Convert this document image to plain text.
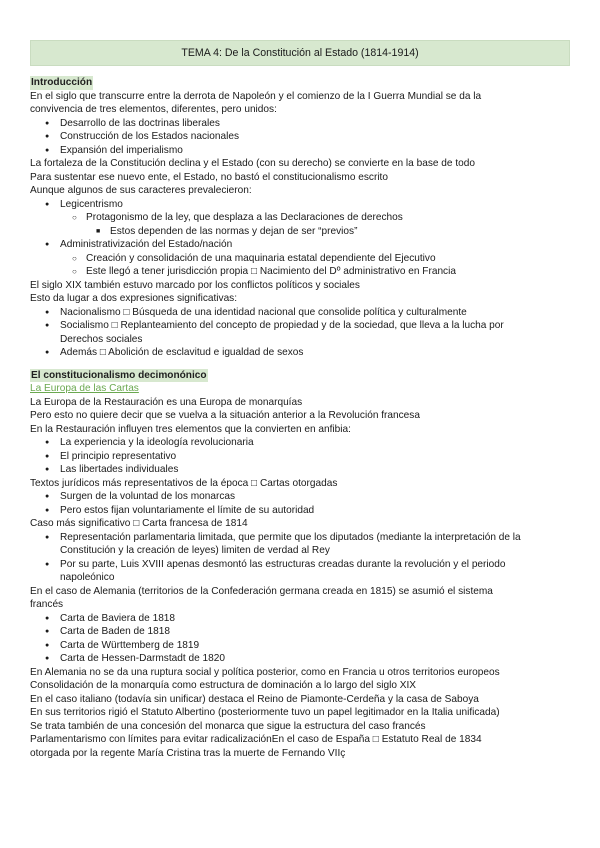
TEMA 4: De la Constitución al Estado (1814-1914)

Introducción

En el siglo que transcurre entre la derrota de Napoleón y el comienzo de la I Guerra Mundial se da la

convivencia de tres elementos, diferentes, pero unidos:

● Desarrollo de las doctrinas liberales
● Construcción de los Estados nacionales
● Expansión del imperialismo

La fortaleza de la Constitución declina y el Estado (con su derecho) se convierte en la base de todo

Para sustentar ese nuevo ente, el Estado, no bastó el constitucionalismo escrito

Aunque algunos de sus caracteres prevalecieron:

● Legicentrismo
○ Protagonismo de la ley, que desplaza a las Declaraciones de derechos
■ Estos dependen de las normas y dejan de ser “previos”
● Administrativización del Estado/nación
○ Creación y consolidación de una maquinaria estatal dependiente del Ejecutivo
○ Este llegó a tener jurisdicción propia □ Nacimiento del Dº administrativo en Francia

El siglo XIX también estuvo marcado por los conflictos políticos y sociales

Esto da lugar a dos expresiones significativas:

● Nacionalismo □ Búsqueda de una identidad nacional que consolide política y culturalmente
● Socialismo □ Replanteamiento del concepto de propiedad y de la sociedad, que lleva a la lucha por
Derechos sociales
● Además □ Abolición de esclavitud e igualdad de sexos

El constitucionalismo decimonónico

La Europa de las Cartas

La Europa de la Restauración es una Europa de monarquías

Pero esto no quiere decir que se vuelva a la situación anterior a la Revolución francesa

En la Restauración influyen tres elementos que la convierten en anfibia:

● La experiencia y la ideología revolucionaria
● El principio representativo
● Las libertades individuales

Textos jurídicos más representativos de la época □ Cartas otorgadas

● Surgen de la voluntad de los monarcas
● Pero estos fijan voluntariamente el límite de su autoridad

Caso más significativo □ Carta francesa de 1814

● Representación parlamentaria limitada, que permite que los diputados (mediante la interpretación de la
Constitución y la creación de leyes) limiten de verdad al Rey
● Por su parte, Luis XVIII apenas desmontó las estructuras creadas durante la revolución y el periodo
napoleónico

En el caso de Alemania (territorios de la Confederación germana creada en 1815) se asumió el sistema

francés

● Carta de Baviera de 1818
● Carta de Baden de 1818
● Carta de Württemberg de 1819
● Carta de Hessen-Darmstadt de 1820

En Alemania no se da una ruptura social y política posterior, como en Francia u otros territorios europeos

Consolidación de la monarquía como estructura de dominación a lo largo del siglo XIX

En el caso italiano (todavía sin unificar) destaca el Reino de Piamonte-Cerdeña y la casa de Saboya

En sus territorios rigió el Statuto Albertino (posteriormente tuvo un papel legitimador en la Italia unificada)

Se trata también de una concesión del monarca que sigue la estructura del caso francés

Parlamentarismo con límites para evitar radicalizaciónEn el caso de España □ Estatuto Real de 1834

otorgada por la regente María Cristina tras la muerte de Fernando VIIç
